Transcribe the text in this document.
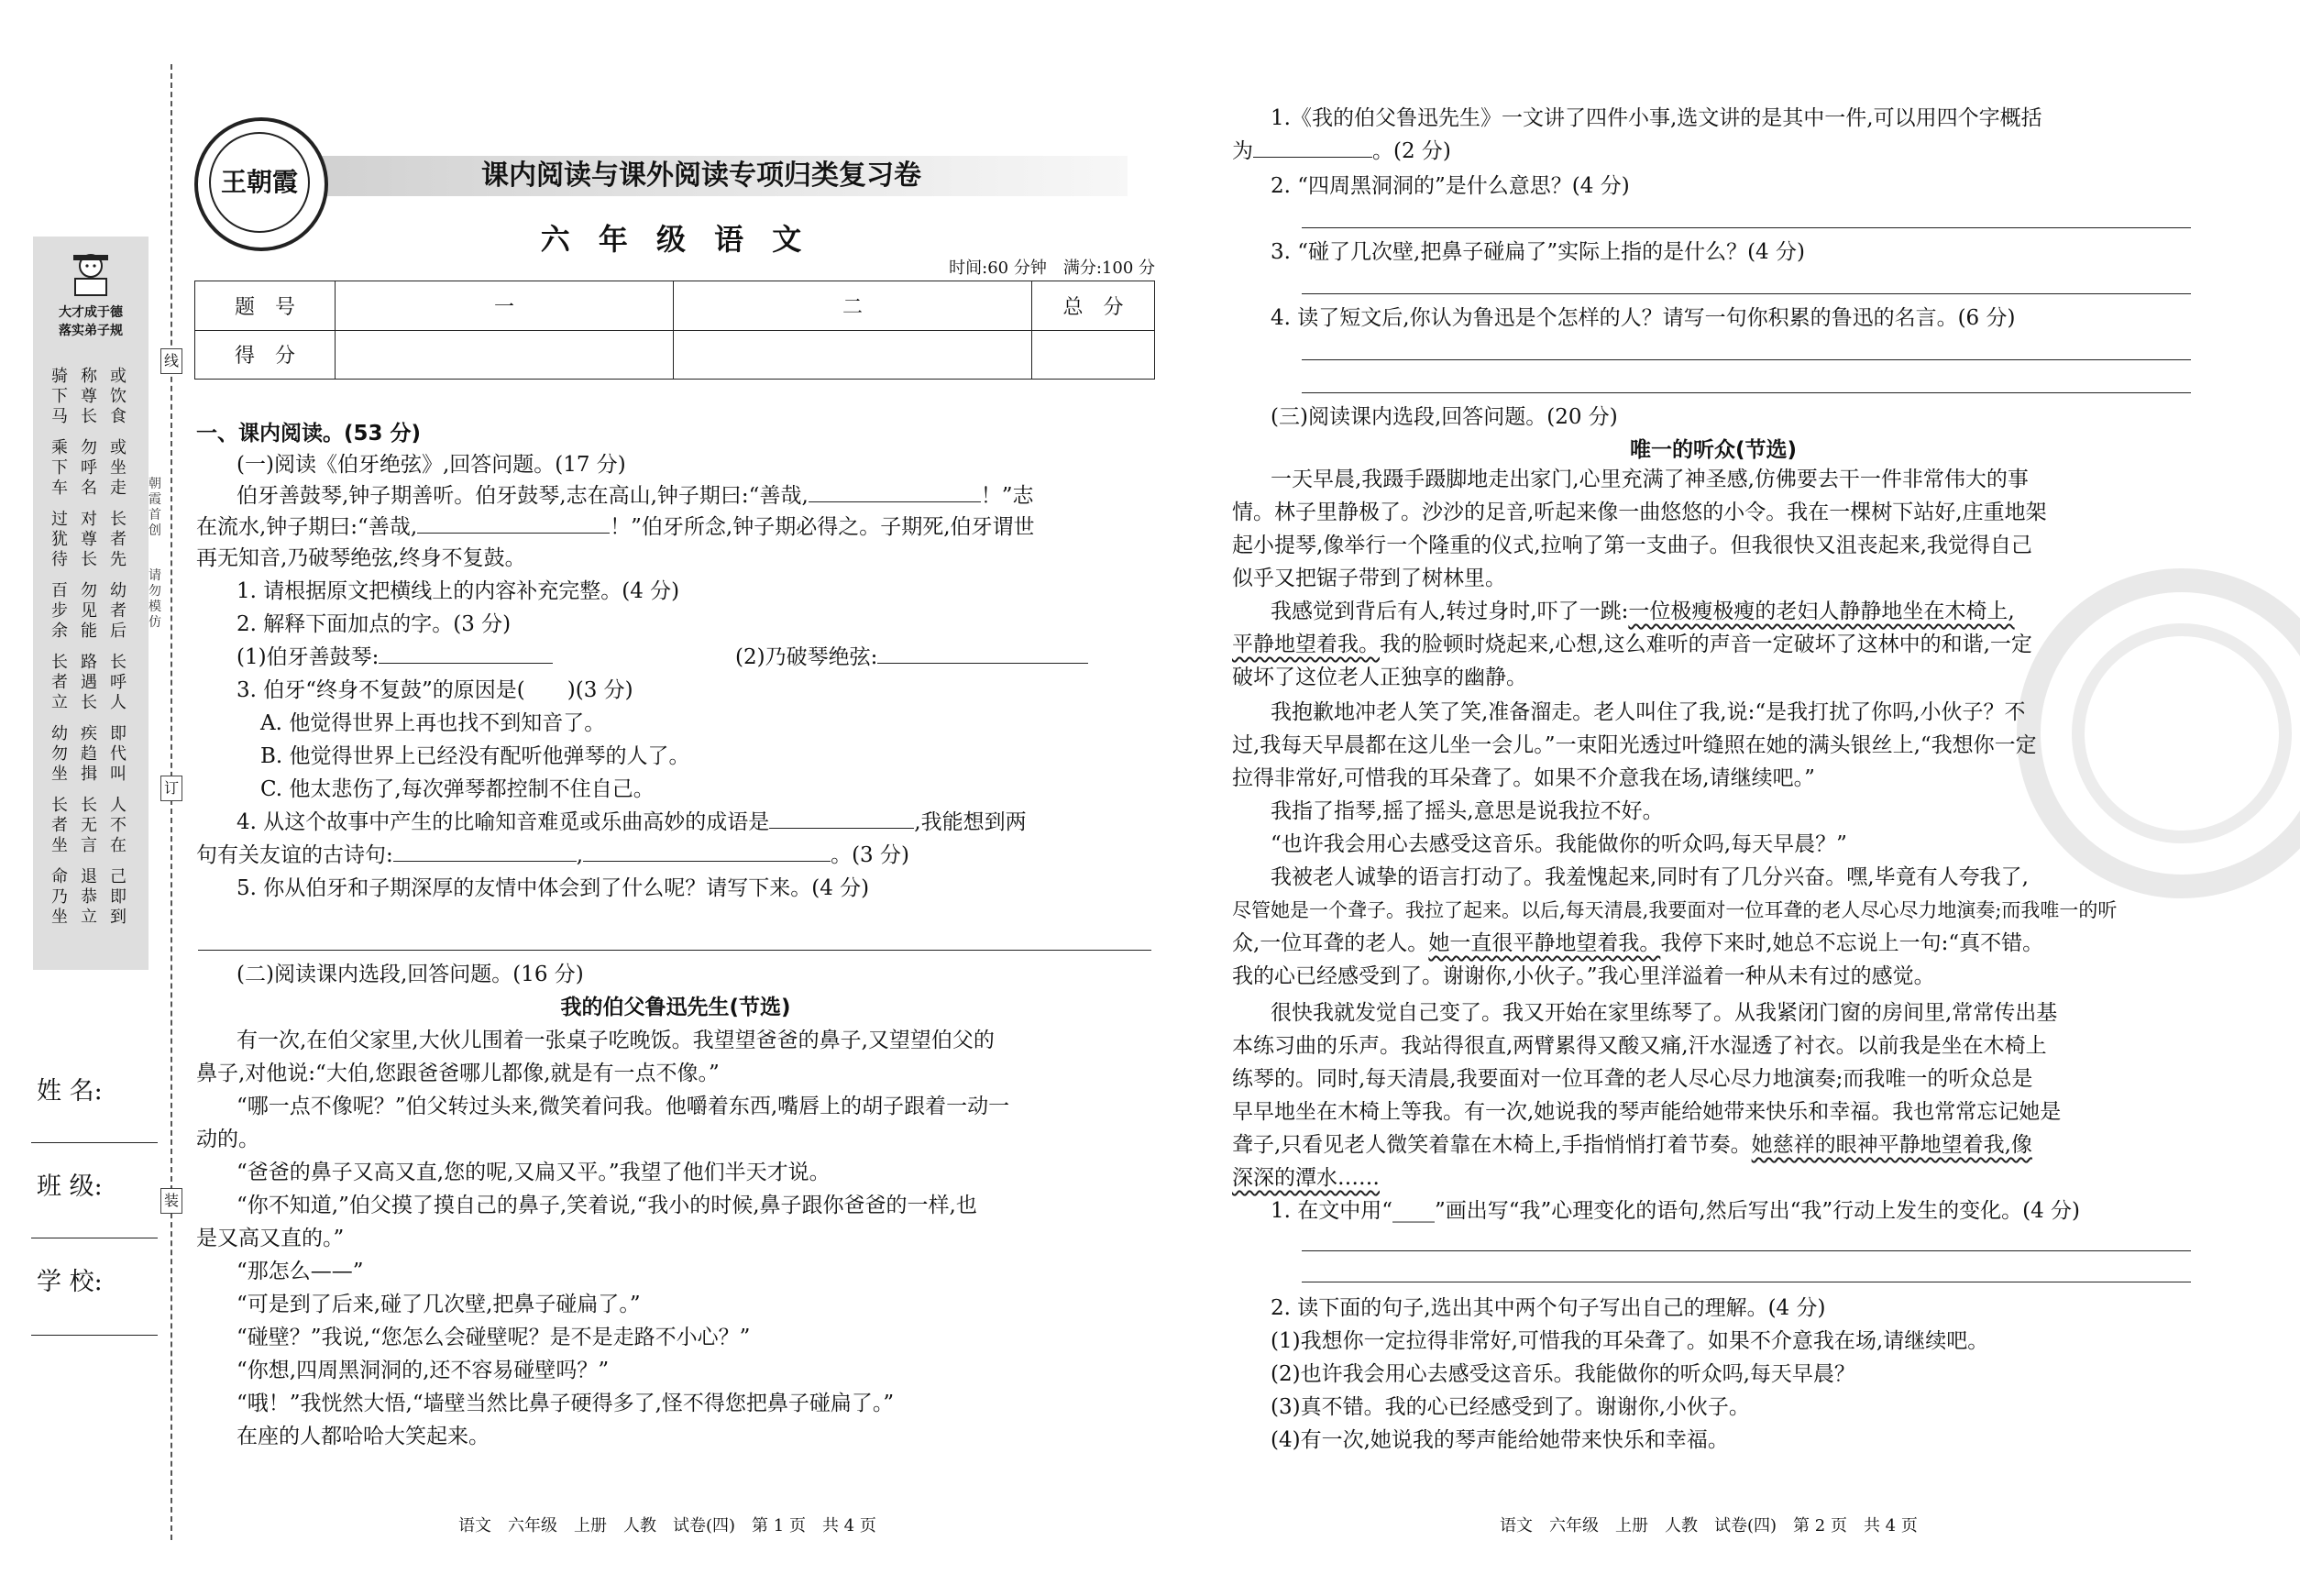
大才成于德
落实弟子规
骑下马
称尊长
或饮食
乘下车
勿呼名
或坐走
过犹待
对尊长
长者先
百步余
勿见能
幼者后
长者立
路遇长
长呼人
幼勿坐
疾趋揖
即代叫
长者坐
长无言
人不在
命乃坐
退恭立
己即到
线
订
装
朝霞首创
请勿模仿
姓 名:
班 级:
学 校:
课内阅读与课外阅读专项归类复习卷
王朝霞
六 年 级 语 文
时间:60 分钟　满分:100 分
题　号	一	二	总　分
得　分			
一、课内阅读。(53 分)
(一)阅读《伯牙绝弦》,回答问题。(17 分)
伯牙善鼓琴,钟子期善听。伯牙鼓琴,志在高山,钟子期曰:“善哉,	！”志
在流水,钟子期曰:“善哉,	！”伯牙所念,钟子期必得之。子期死,伯牙谓世
再无知音,乃破琴绝弦,终身不复鼓。
1. 请根据原文把横线上的内容补充完整。(4 分)
2. 解释下面加点的字。(3 分)
(1)伯牙善鼓琴:	(2)乃破琴绝弦:
3. 伯牙“终身不复鼓”的原因是(　　)(3 分)
A. 他觉得世界上再也找不到知音了。
B. 他觉得世界上已经没有配听他弹琴的人了。
C. 他太悲伤了,每次弹琴都控制不住自己。
4. 从这个故事中产生的比喻知音难觅或乐曲高妙的成语是	,我能想到两
句有关友谊的古诗句:	,	。(3 分)
5. 你从伯牙和子期深厚的友情中体会到了什么呢？请写下来。(4 分)
(二)阅读课内选段,回答问题。(16 分)
我的伯父鲁迅先生(节选)
有一次,在伯父家里,大伙儿围着一张桌子吃晚饭。我望望爸爸的鼻子,又望望伯父的
鼻子,对他说:“大伯,您跟爸爸哪儿都像,就是有一点不像。”
“哪一点不像呢？”伯父转过头来,微笑着问我。他嚼着东西,嘴唇上的胡子跟着一动一
动的。
“爸爸的鼻子又高又直,您的呢,又扁又平。”我望了他们半天才说。
“你不知道,”伯父摸了摸自己的鼻子,笑着说,“我小的时候,鼻子跟你爸爸的一样,也
是又高又直的。”
“那怎么——”
“可是到了后来,碰了几次壁,把鼻子碰扁了。”
“碰壁？”我说,“您怎么会碰壁呢？是不是走路不小心？”
“你想,四周黑洞洞的,还不容易碰壁吗？”
“哦！”我恍然大悟,“墙壁当然比鼻子硬得多了,怪不得您把鼻子碰扁了。”
在座的人都哈哈大笑起来。
语文　六年级　上册　人教　试卷(四)　第 1 页　共 4 页
1.《我的伯父鲁迅先生》一文讲了四件小事,选文讲的是其中一件,可以用四个字概括
为	。(2 分)
2. “四周黑洞洞的”是什么意思？(4 分)
3. “碰了几次壁,把鼻子碰扁了”实际上指的是什么？(4 分)
4. 读了短文后,你认为鲁迅是个怎样的人？请写一句你积累的鲁迅的名言。(6 分)
(三)阅读课内选段,回答问题。(20 分)
唯一的听众(节选)
一天早晨,我蹑手蹑脚地走出家门,心里充满了神圣感,仿佛要去干一件非常伟大的事
情。林子里静极了。沙沙的足音,听起来像一曲悠悠的小令。我在一棵树下站好,庄重地架
起小提琴,像举行一个隆重的仪式,拉响了第一支曲子。但我很快又沮丧起来,我觉得自己
似乎又把锯子带到了树林里。
我感觉到背后有人,转过身时,吓了一跳:一位极瘦极瘦的老妇人静静地坐在木椅上,
平静地望着我。我的脸顿时烧起来,心想,这么难听的声音一定破坏了这林中的和谐,一定
破坏了这位老人正独享的幽静。
我抱歉地冲老人笑了笑,准备溜走。老人叫住了我,说:“是我打扰了你吗,小伙子？不
过,我每天早晨都在这儿坐一会儿。”一束阳光透过叶缝照在她的满头银丝上,“我想你一定
拉得非常好,可惜我的耳朵聋了。如果不介意我在场,请继续吧。”
我指了指琴,摇了摇头,意思是说我拉不好。
“也许我会用心去感受这音乐。我能做你的听众吗,每天早晨？”
我被老人诚挚的语言打动了。我羞愧起来,同时有了几分兴奋。嘿,毕竟有人夸我了,
尽管她是一个聋子。我拉了起来。以后,每天清晨,我要面对一位耳聋的老人尽心尽力地演奏;而我唯一的听
众,一位耳聋的老人。她一直很平静地望着我。我停下来时,她总不忘说上一句:“真不错。
我的心已经感受到了。谢谢你,小伙子。”我心里洋溢着一种从未有过的感觉。
很快我就发觉自己变了。我又开始在家里练琴了。从我紧闭门窗的房间里,常常传出基
本练习曲的乐声。我站得很直,两臂累得又酸又痛,汗水湿透了衬衣。以前我是坐在木椅上
练琴的。同时,每天清晨,我要面对一位耳聋的老人尽心尽力地演奏;而我唯一的听众总是
早早地坐在木椅上等我。有一次,她说我的琴声能给她带来快乐和幸福。我也常常忘记她是
聋子,只看见老人微笑着靠在木椅上,手指悄悄打着节奏。她慈祥的眼神平静地望着我,像
深深的潭水……
1. 在文中用“____”画出写“我”心理变化的语句,然后写出“我”行动上发生的变化。(4 分)
2. 读下面的句子,选出其中两个句子写出自己的理解。(4 分)
(1)我想你一定拉得非常好,可惜我的耳朵聋了。如果不介意我在场,请继续吧。
(2)也许我会用心去感受这音乐。我能做你的听众吗,每天早晨？
(3)真不错。我的心已经感受到了。谢谢你,小伙子。
(4)有一次,她说我的琴声能给她带来快乐和幸福。
语文　六年级　上册　人教　试卷(四)　第 2 页　共 4 页
